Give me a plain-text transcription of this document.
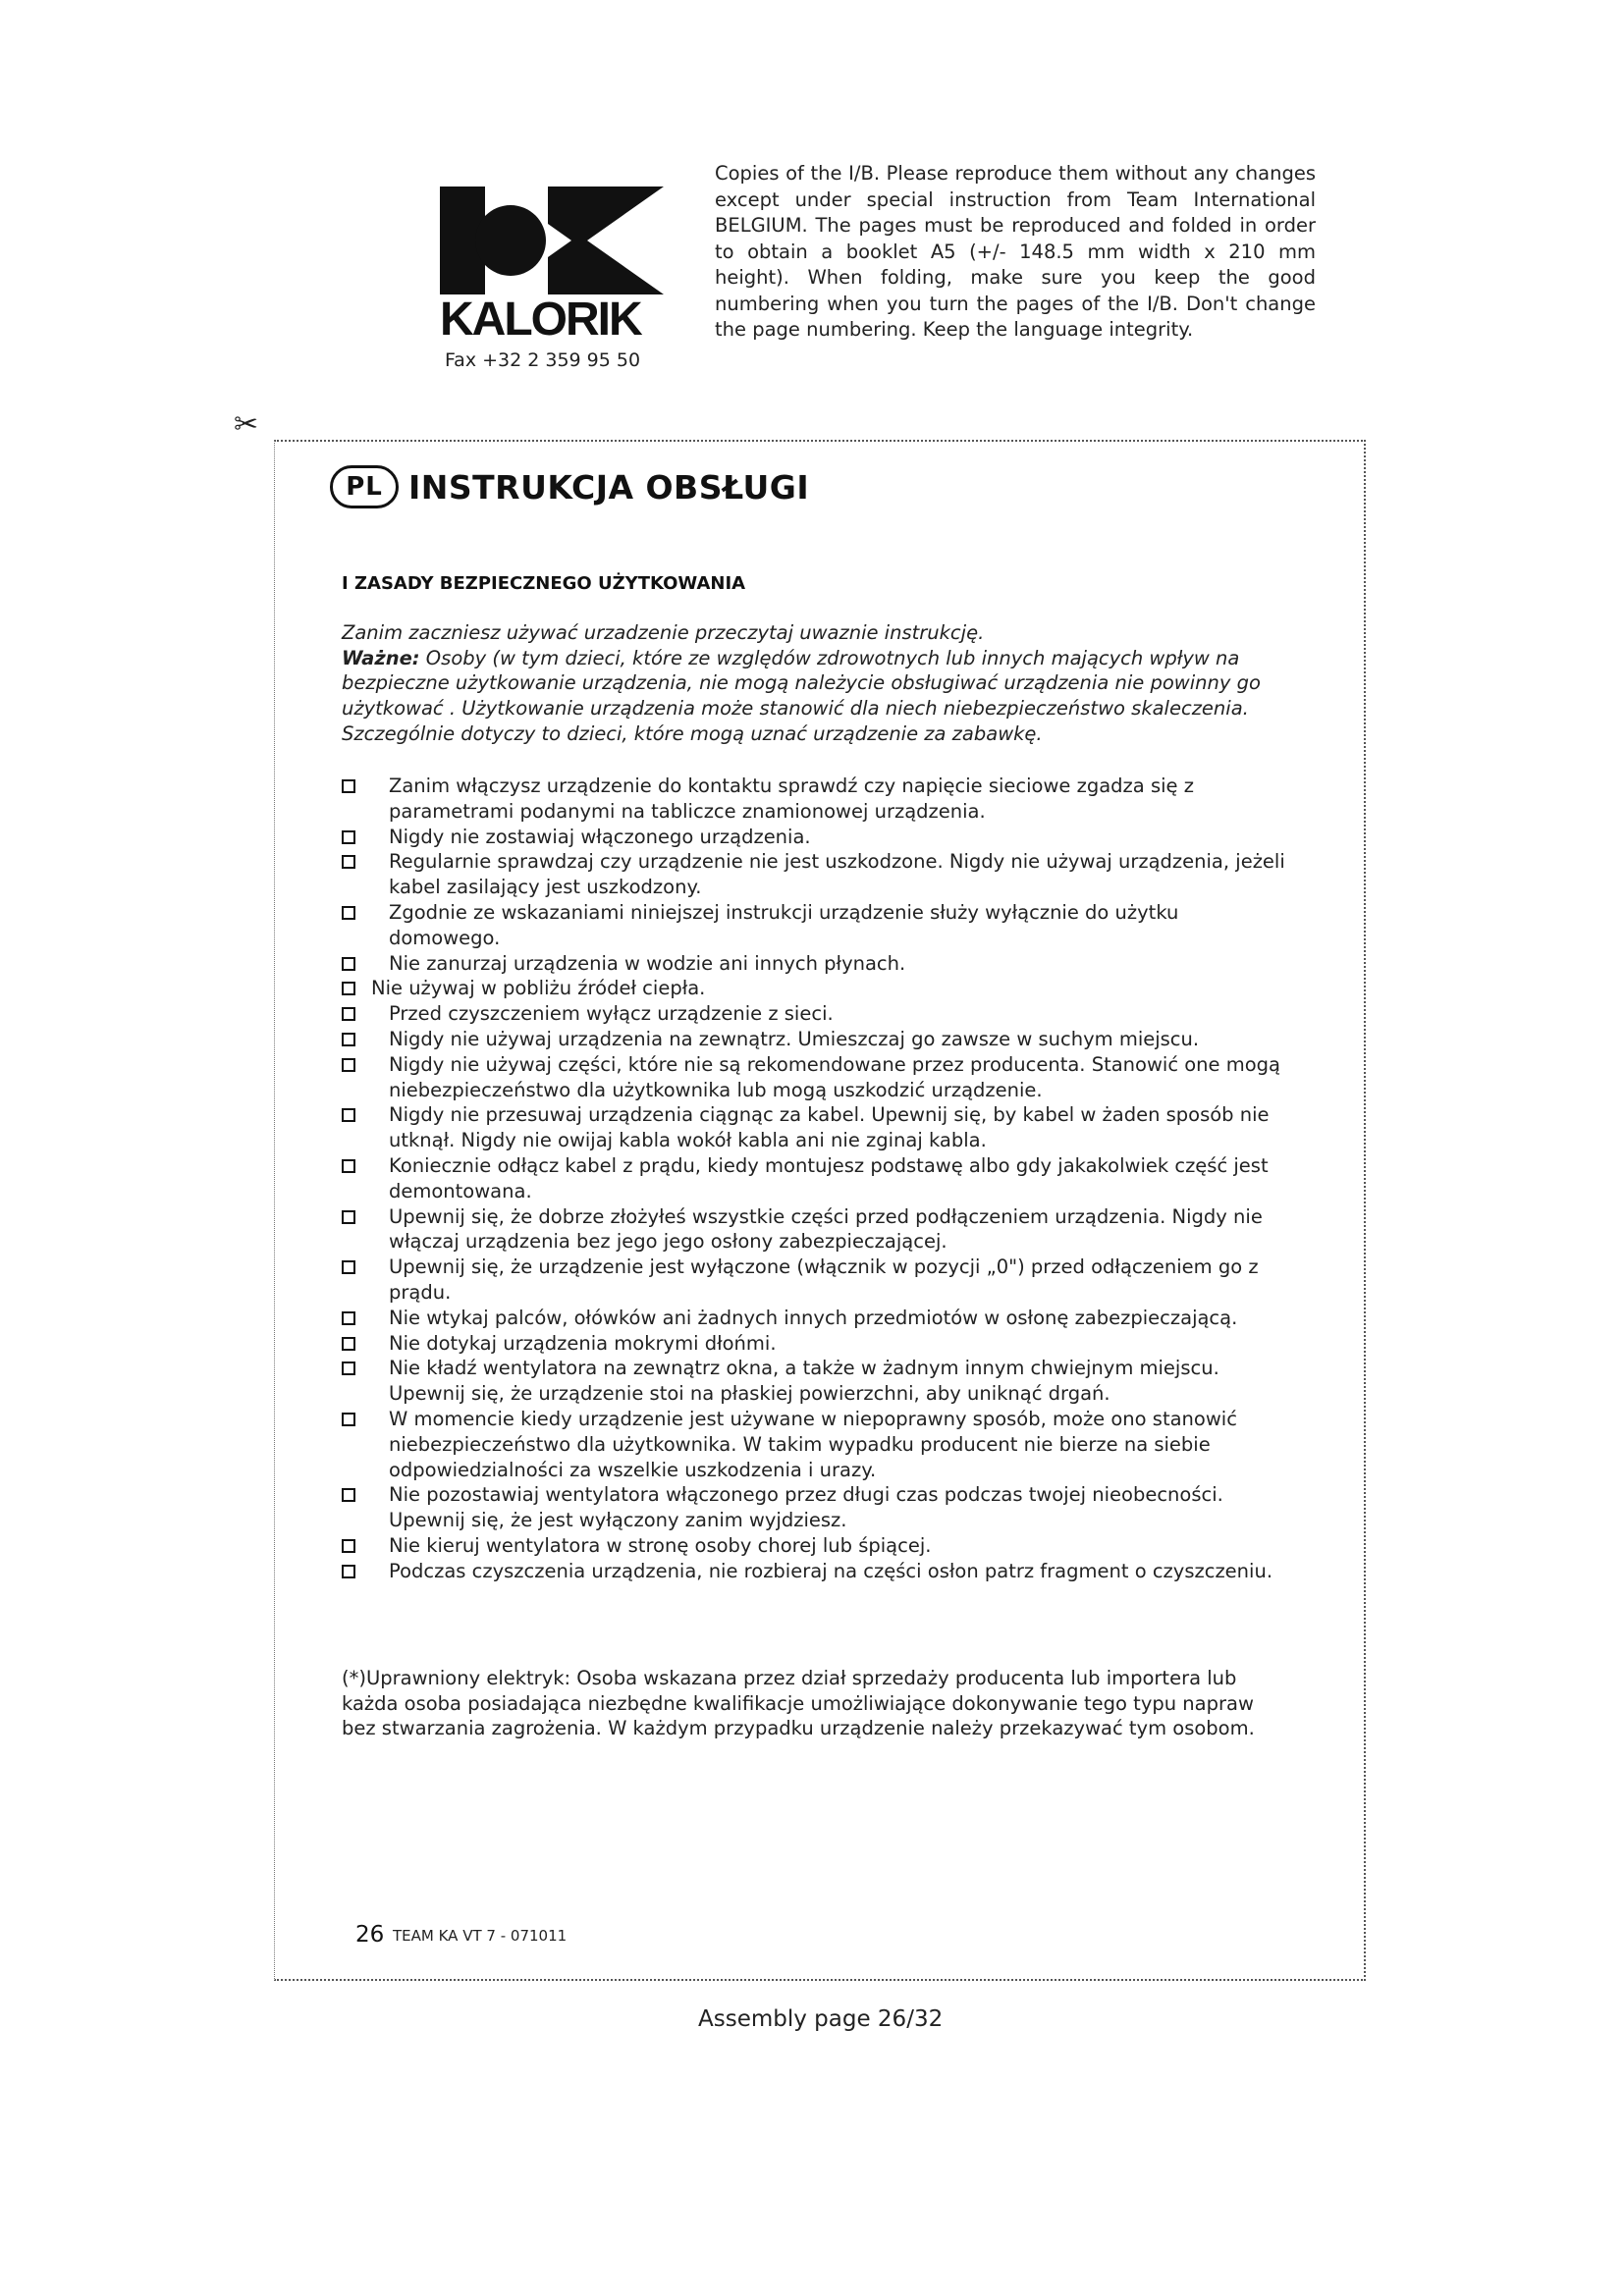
KALORIK
Fax +32 2 359 95 50
Copies of the I/B. Please reproduce them without any changes except under special instruction from Team International BELGIUM. The pages must be reproduced and folded in order to obtain a booklet A5 (+/- 148.5 mm width x 210 mm height). When folding, make sure you keep the good numbering when you turn the pages of the I/B. Don't change the page numbering. Keep the language integrity.
✂
PL INSTRUKCJA OBSŁUGI
I ZASADY BEZPIECZNEGO UŻYTKOWANIA
Zanim zaczniesz używać urzadzenie przeczytaj uwaznie instrukcję.
Ważne: Osoby (w tym dzieci, które ze względów zdrowotnych lub innych mających wpływ na bezpieczne użytkowanie urządzenia, nie mogą należycie obsługiwać urządzenia nie powinny go użytkować . Użytkowanie urządzenia może stanowić dla niech niebezpieczeństwo skaleczenia. Szczególnie dotyczy to dzieci, które mogą uznać urządzenie za zabawkę.
Zanim włączysz urządzenie do kontaktu sprawdź czy napięcie sieciowe zgadza się z parametrami podanymi na tabliczce znamionowej urządzenia.
Nigdy nie zostawiaj włączonego urządzenia.
Regularnie sprawdzaj czy urządzenie nie jest uszkodzone. Nigdy nie używaj urządzenia, jeżeli kabel zasilający jest uszkodzony.
Zgodnie ze wskazaniami niniejszej instrukcji urządzenie służy wyłącznie do użytku domowego.
Nie zanurzaj urządzenia w wodzie ani innych płynach.
Nie używaj w pobliżu źródeł ciepła.
Przed czyszczeniem wyłącz urządzenie z sieci.
Nigdy nie używaj urządzenia na zewnątrz. Umieszczaj go zawsze w suchym miejscu.
Nigdy nie używaj części, które nie są rekomendowane przez producenta. Stanowić one mogą niebezpieczeństwo dla użytkownika lub mogą uszkodzić urządzenie.
Nigdy nie przesuwaj urządzenia ciągnąc za kabel. Upewnij się, by kabel w żaden sposób nie utknął. Nigdy nie owijaj kabla wokół kabla ani nie zginaj kabla.
Koniecznie odłącz kabel z prądu, kiedy montujesz podstawę albo gdy jakakolwiek część jest demontowana.
Upewnij się, że dobrze złożyłeś wszystkie części przed podłączeniem urządzenia. Nigdy nie włączaj urządzenia bez jego jego osłony zabezpieczającej.
Upewnij się, że urządzenie jest wyłączone (włącznik w pozycji „0") przed odłączeniem go z prądu.
Nie wtykaj palców, ołówków ani żadnych innych przedmiotów w osłonę zabezpieczającą.
Nie dotykaj urządzenia mokrymi dłońmi.
Nie kładź wentylatora na zewnątrz okna, a także w żadnym innym chwiejnym miejscu. Upewnij się, że urządzenie stoi na płaskiej powierzchni, aby uniknąć drgań.
W momencie kiedy urządzenie jest używane w niepoprawny sposób, może ono stanowić niebezpieczeństwo dla użytkownika. W takim wypadku producent nie bierze na siebie odpowiedzialności za wszelkie uszkodzenia i urazy.
Nie pozostawiaj wentylatora włączonego przez długi czas podczas twojej nieobecności. Upewnij się, że jest wyłączony zanim wyjdziesz.
Nie kieruj wentylatora w stronę osoby chorej lub śpiącej.
Podczas czyszczenia urządzenia, nie rozbieraj na części osłon patrz fragment o czyszczeniu.
(*)Uprawniony elektryk: Osoba wskazana przez dział sprzedaży producenta lub importera lub każda osoba posiadająca niezbędne kwalifikacje umożliwiające dokonywanie tego typu napraw bez stwarzania zagrożenia. W każdym przypadku urządzenie należy przekazywać tym osobom.
26 TEAM KA VT 7 - 071011
Assembly page 26/32
